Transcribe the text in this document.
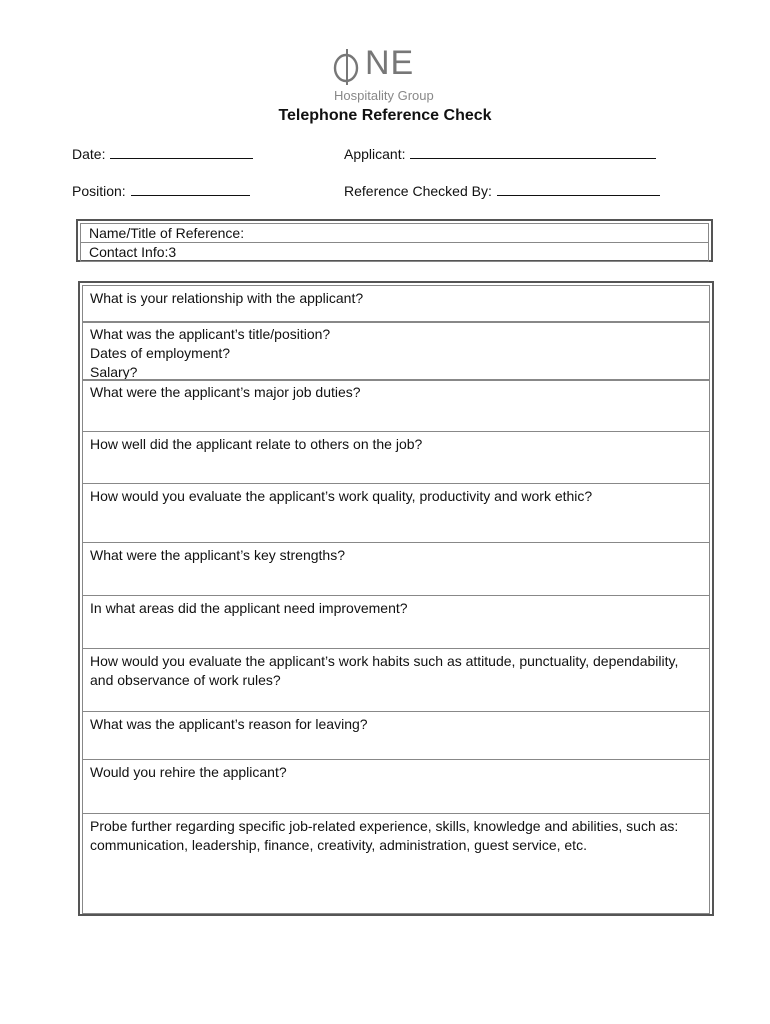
NE
Hospitality Group
Telephone Reference Check
Date:	Applicant:
Position:	Reference Checked By:
Name/Title of Reference:
Contact Info:3
What is your relationship with the applicant?
What was the applicant’s title/position?
Dates of employment?
Salary?
What were the applicant’s major job duties?
How well did the applicant relate to others on the job?
How would you evaluate the applicant’s work quality, productivity and work ethic?
What were the applicant’s key strengths?
In what areas did the applicant need improvement?
How would you evaluate the applicant’s work habits such as attitude, punctuality, dependability,
and observance of work rules?
What was the applicant’s reason for leaving?
Would you rehire the applicant?
Probe further regarding specific job-related experience, skills, knowledge and abilities, such as:
communication, leadership, finance, creativity, administration, guest service, etc.
